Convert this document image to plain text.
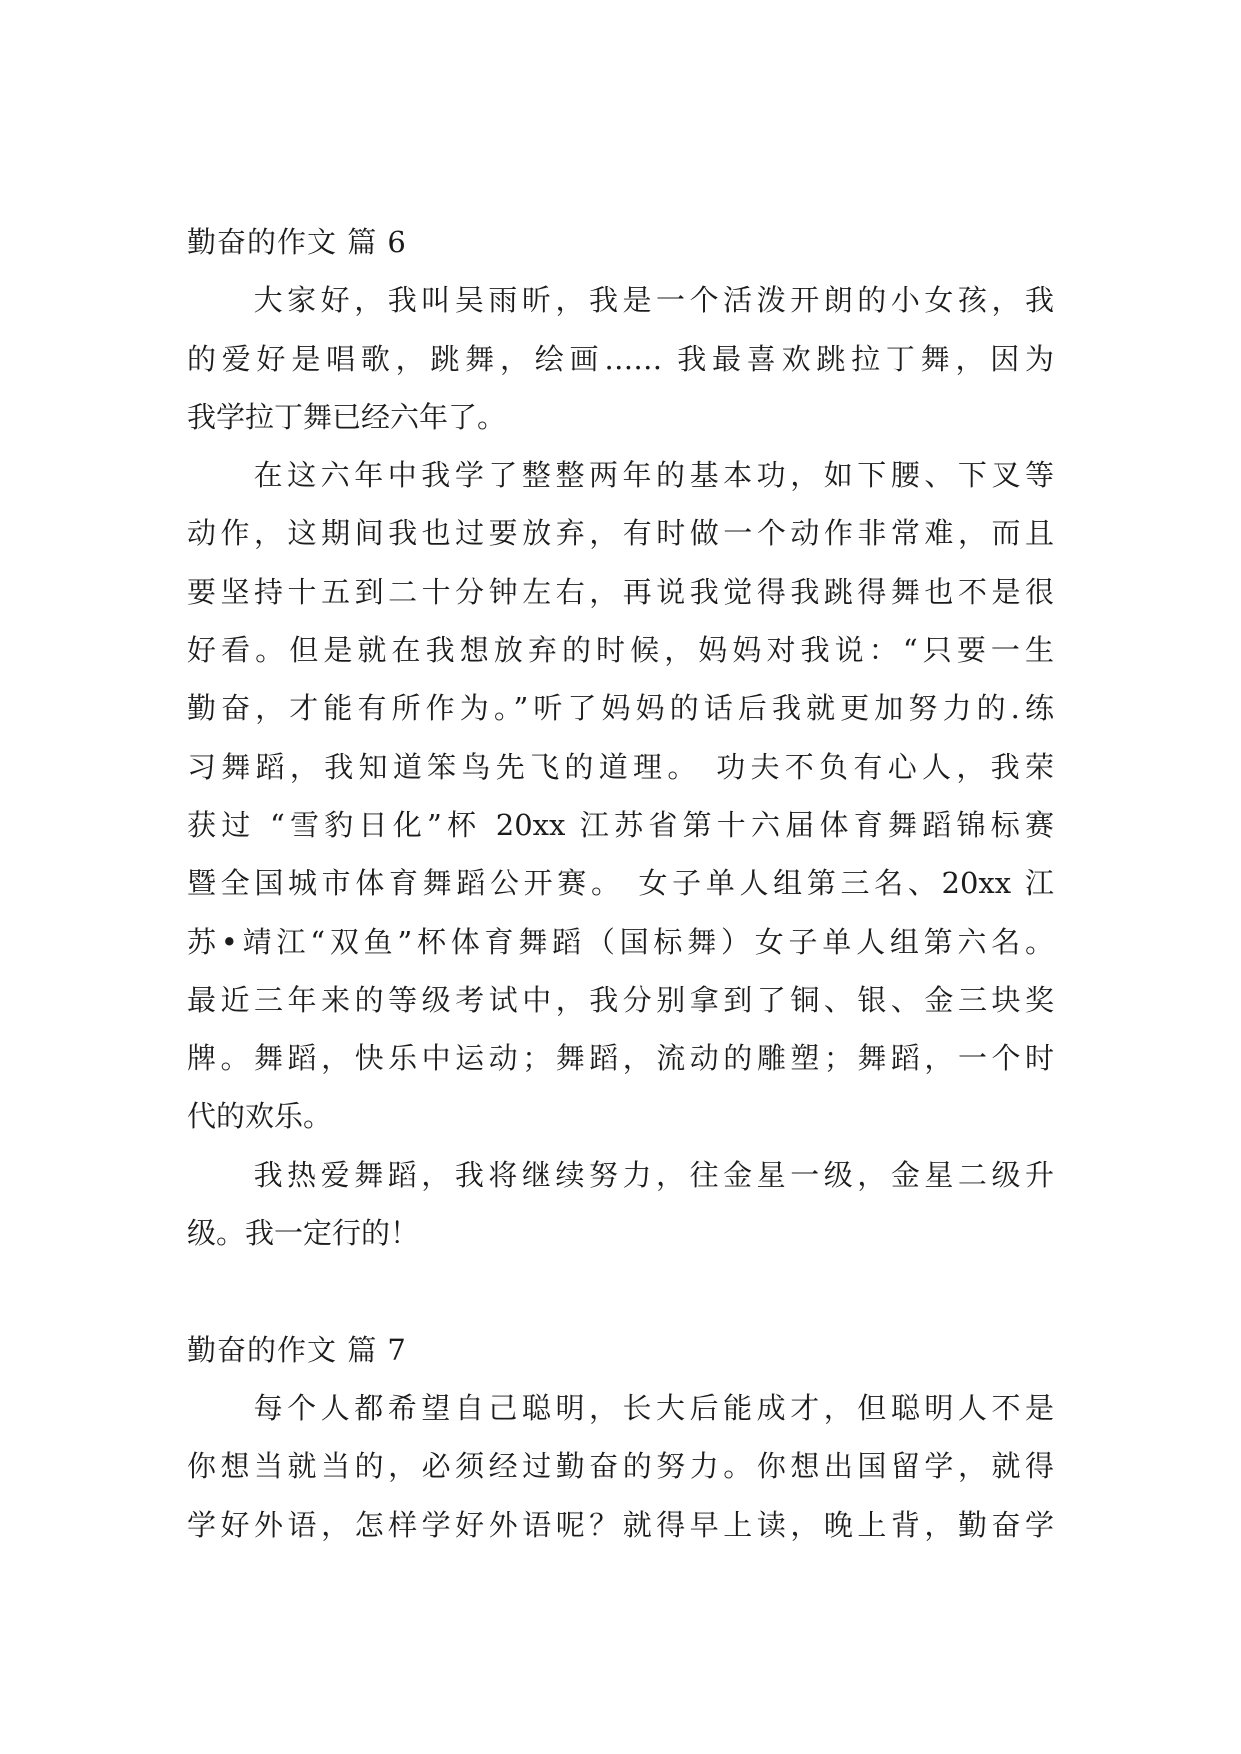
勤奋的作文 篇 6
大家好，我叫吴雨昕，我是一个活泼开朗的小女孩，我
的爱好是唱歌，跳舞，绘画…… 我最喜欢跳拉丁舞，因为
我学拉丁舞已经六年了。
在这六年中我学了整整两年的基本功，如下腰、下叉等
动作，这期间我也过要放弃，有时做一个动作非常难，而且
要坚持十五到二十分钟左右，再说我觉得我跳得舞也不是很
好看。但是就在我想放弃的时候，妈妈对我说：“只要一生
勤奋，才能有所作为。”听了妈妈的话后我就更加努力的.练
习舞蹈，我知道笨鸟先飞的道理。 功夫不负有心人，我荣
获过 “雪豹日化”杯 20xx 江苏省第十六届体育舞蹈锦标赛
暨全国城市体育舞蹈公开赛。 女子单人组第三名、20xx 江
苏•靖江“双鱼”杯体育舞蹈（国标舞）女子单人组第六名。
最近三年来的等级考试中，我分别拿到了铜、银、金三块奖
牌。舞蹈，快乐中运动；舞蹈，流动的雕塑；舞蹈，一个时
代的欢乐。
我热爱舞蹈，我将继续努力，往金星一级，金星二级升
级。我一定行的！
勤奋的作文 篇 7
每个人都希望自己聪明，长大后能成才，但聪明人不是
你想当就当的，必须经过勤奋的努力。你想出国留学，就得
学好外语，怎样学好外语呢？就得早上读，晚上背，勤奋学
